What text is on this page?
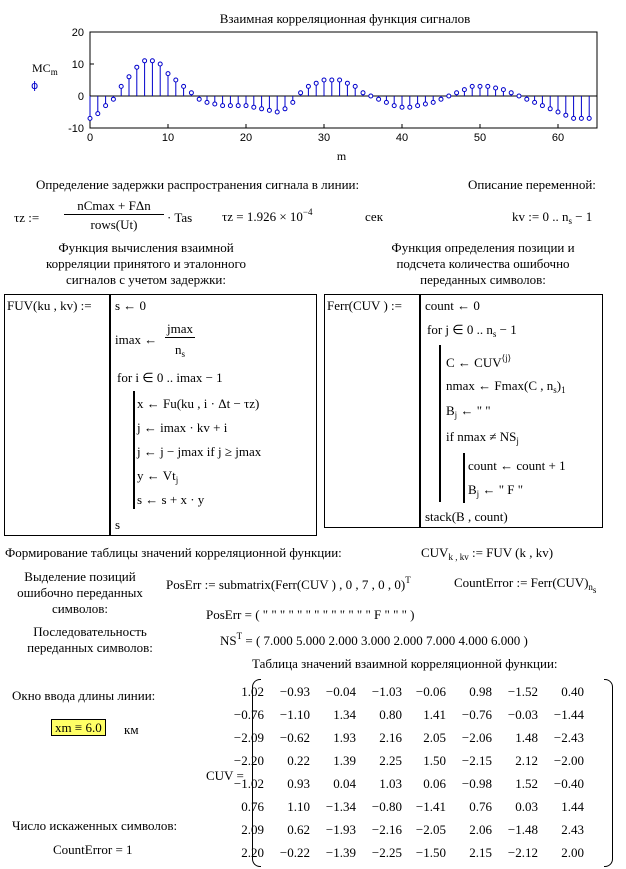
Взаимная корреляционная функция сигналов
-10
0
10
20
0	10	20	30	40	50	60
m
$MC_m$
ϕ
Определение задержки распространения сигнала в линии:	Описание переменной:
τz :=
nCmax + FΔn
rows(Ut)	· Tas $\tau z = 1.926 \times 10^{-4}$	сек	kv := 0 .. $n_s - 1$
Функция вычисления взаимной корреляции принятого и эталонного сигналов с учетом задержки:
Функция определения позиции и подсчета количества ошибочно переданных символов:
FUV(ku , kv) := s ← 0
imax ←
jmax
$n_s$
for i ∈ 0 .. imax − 1
x ← Fu(ku , i · Δt − τz)
j ← imax · kv + i
j ← j − jmax if j ≥ jmax
y ← $Vt_j$
s ← s + x · y
s
Ferr(CUV ) := count ← 0
for j ∈ 0 .. $n_s - 1$
C ← $CUV^{⟨j⟩}$
nmax ← Fmax(C , $n_s)_1$
$B_j$ ← " "
if $nmax \ne NS_j$
count ← count + 1
$B_j$ ← " F "
stack(B , count)
Формирование таблицы значений корреляционной функции:	$CUV_{k , kv}$ := FUV (k , kv)
Выделение позиций ошибочно переданных символов:
PosErr := submatrix(Ferr(CUV ) , 0 , 7 , 0 , 0)$^T$	CountError := $Ferr(CUV)_{n_s}$
PosErr = ( " " " " " " " " " " " " " F " " " )
Последовательность переданных символов:	$NS^T$ = ( 7.000 5.000 2.000 3.000 2.000 7.000 4.000 6.000 )
Таблица значений взаимной корреляционной функции:
Окно ввода длины линии:
xm ≡ 6.0	км
CUV =
Число искаженных символов:
CountError = 1
1.02	−0.93	−0.04	−1.03	−0.06	0.98	−1.52	0.40
−0.76	−1.10	1.34	0.80	1.41	−0.76	−0.03	−1.44
−2.09	−0.62	1.93	2.16	2.05	−2.06	1.48	−2.43
−2.20	0.22	1.39	2.25	1.50	−2.15	2.12	−2.00
−1.02	0.93	0.04	1.03	0.06	−0.98	1.52	−0.40
0.76	1.10	−1.34	−0.80	−1.41	0.76	0.03	1.44
2.09	0.62	−1.93	−2.16	−2.05	2.06	−1.48	2.43
2.20	−0.22	−1.39	−2.25	−1.50	2.15	−2.12	2.00
